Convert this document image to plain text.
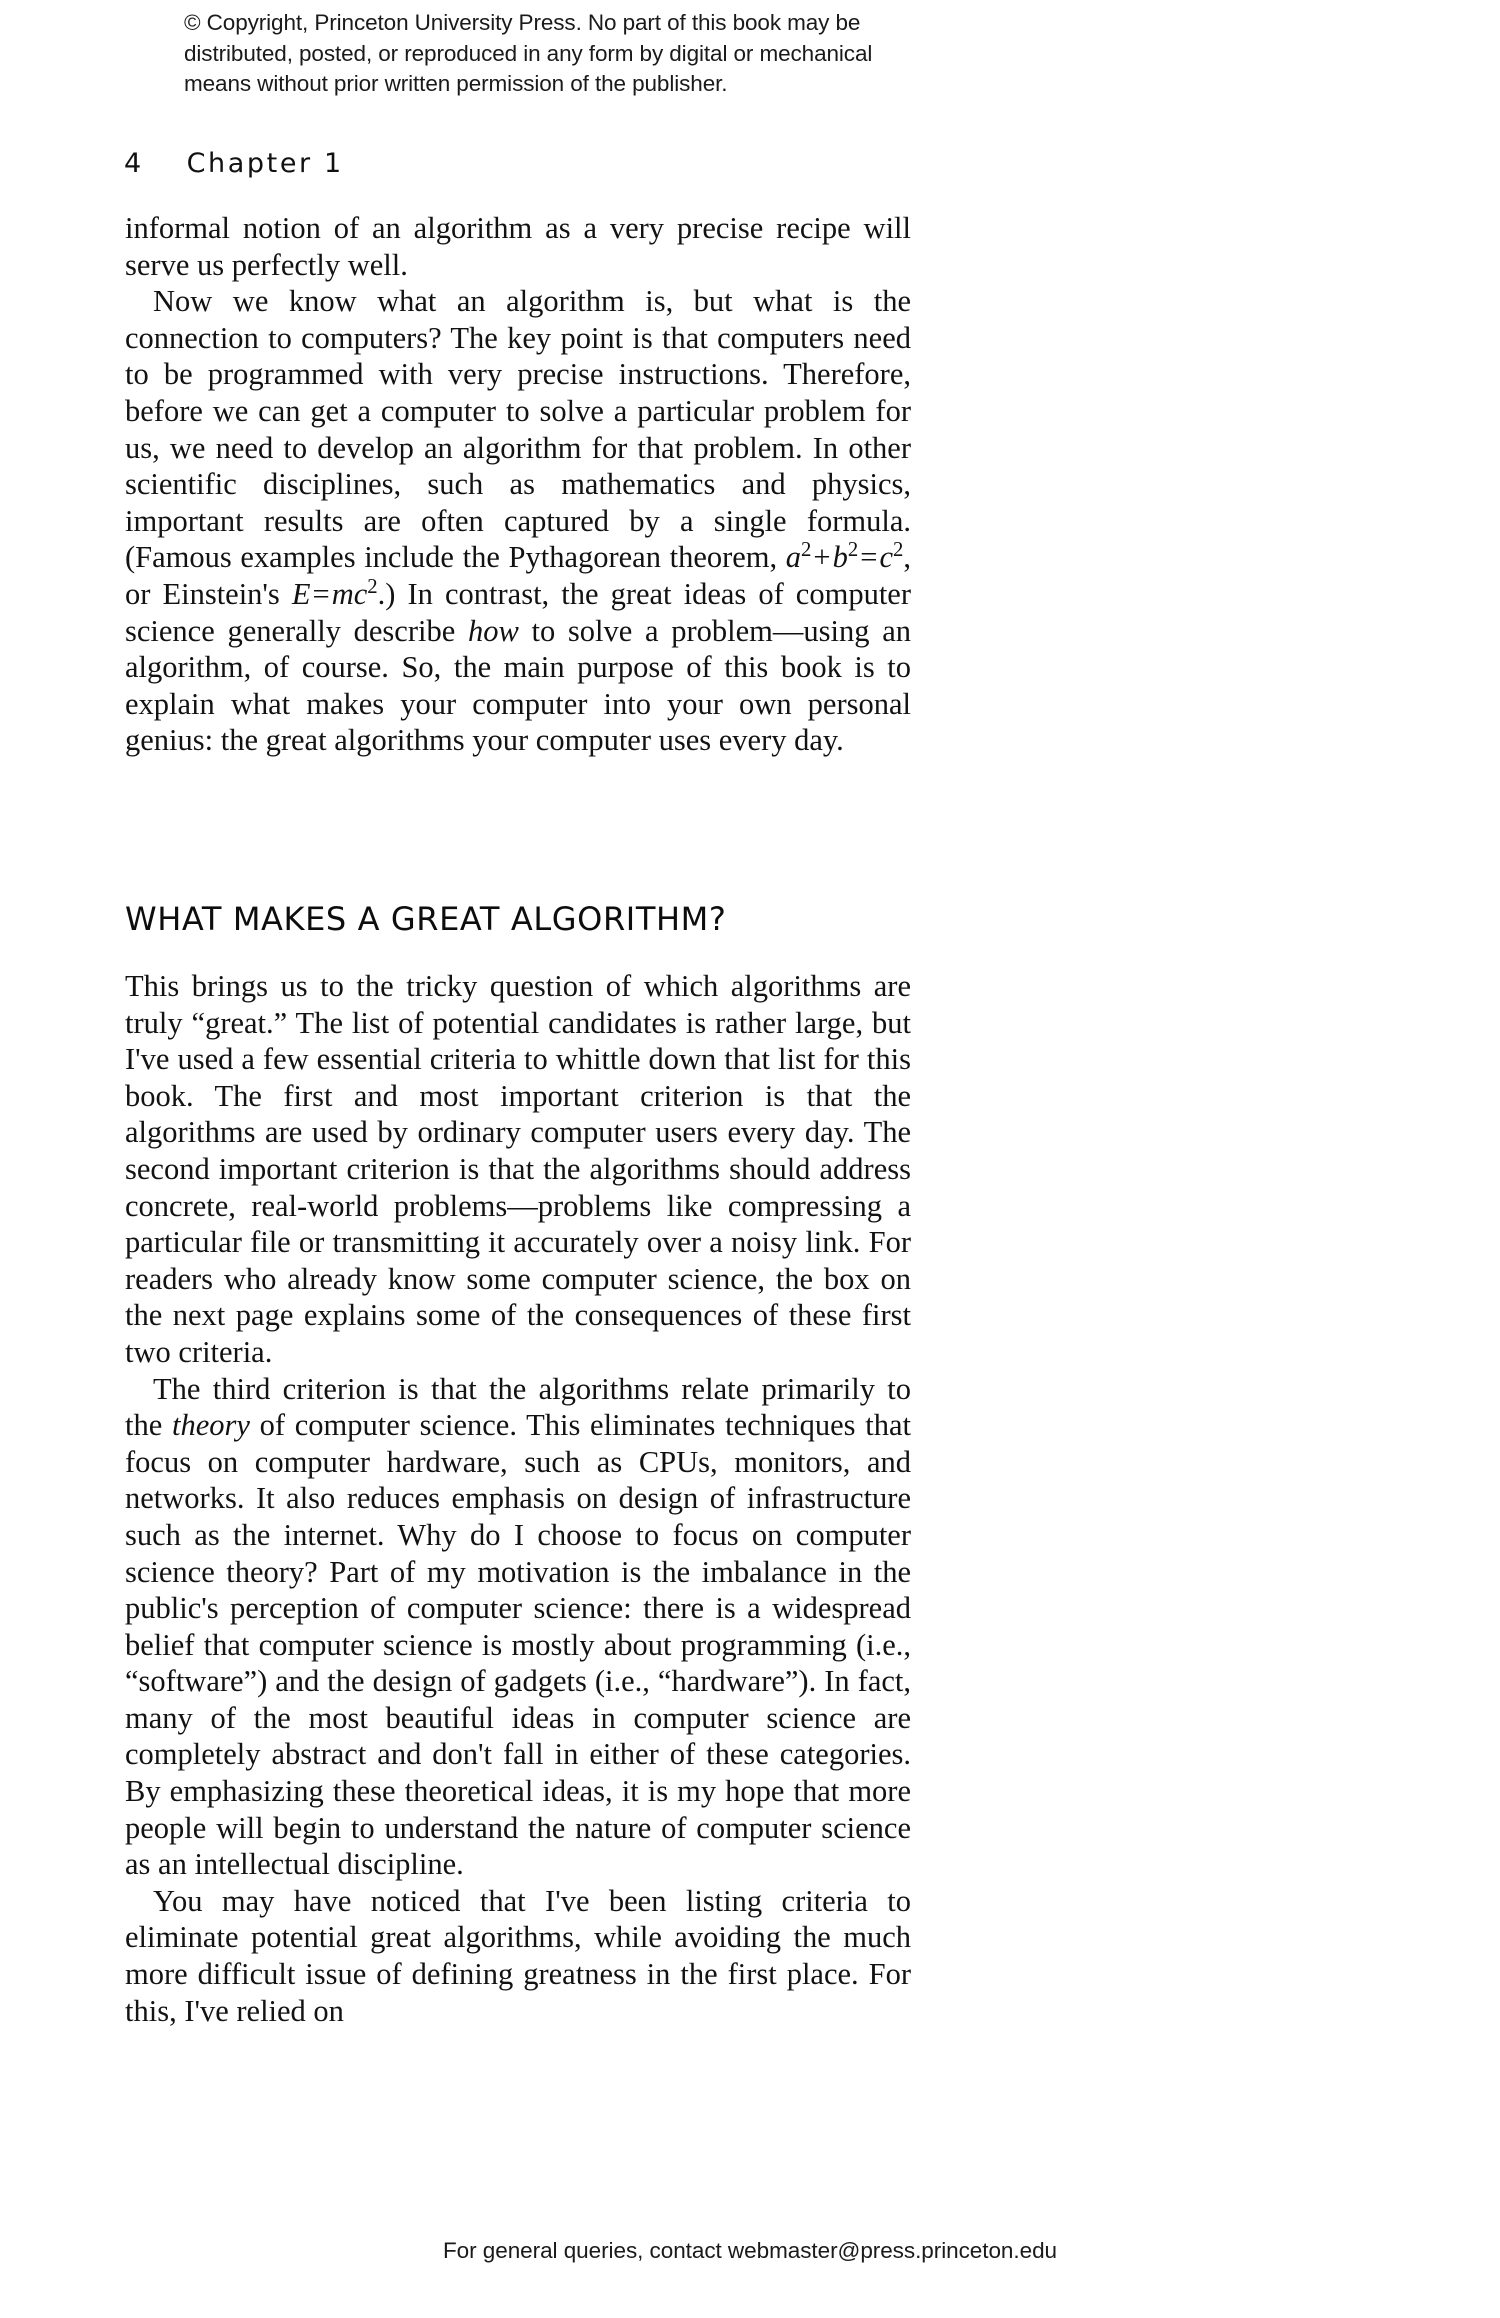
© Copyright, Princeton University Press. No part of this book may be distributed, posted, or reproduced in any form by digital or mechanical means without prior written permission of the publisher.
4 Chapter 1

informal notion of an algorithm as a very precise recipe will serve us perfectly well.

Now we know what an algorithm is, but what is the connection to computers? The key point is that computers need to be programmed with very precise instructions. Therefore, before we can get a computer to solve a particular problem for us, we need to develop an algorithm for that problem. In other scientific disciplines, such as mathematics and physics, important results are often captured by a single formula. (Famous examples include the Pythagorean theorem, $a^2+b^2=c^2$, or Einstein's $E=mc^2$.) In contrast, the great ideas of computer science generally describe how to solve a problem—using an algorithm, of course. So, the main purpose of this book is to explain what makes your computer into your own personal genius: the great algorithms your computer uses every day.

WHAT MAKES A GREAT ALGORITHM?

This brings us to the tricky question of which algorithms are truly “great.” The list of potential candidates is rather large, but I've used a few essential criteria to whittle down that list for this book. The first and most important criterion is that the algorithms are used by ordinary computer users every day. The second important criterion is that the algorithms should address concrete, real-world problems—problems like compressing a particular file or transmitting it accurately over a noisy link. For readers who already know some computer science, the box on the next page explains some of the consequences of these first two criteria.

The third criterion is that the algorithms relate primarily to the theory of computer science. This eliminates techniques that focus on computer hardware, such as CPUs, monitors, and networks. It also reduces emphasis on design of infrastructure such as the internet. Why do I choose to focus on computer science theory? Part of my motivation is the imbalance in the public's perception of computer science: there is a widespread belief that computer science is mostly about programming (i.e., “software”) and the design of gadgets (i.e., “hardware”). In fact, many of the most beautiful ideas in computer science are completely abstract and don't fall in either of these categories. By emphasizing these theoretical ideas, it is my hope that more people will begin to understand the nature of computer science as an intellectual discipline.

You may have noticed that I've been listing criteria to eliminate potential great algorithms, while avoiding the much more difficult issue of defining greatness in the first place. For this, I've relied on

For general queries, contact webmaster@press.princeton.edu
